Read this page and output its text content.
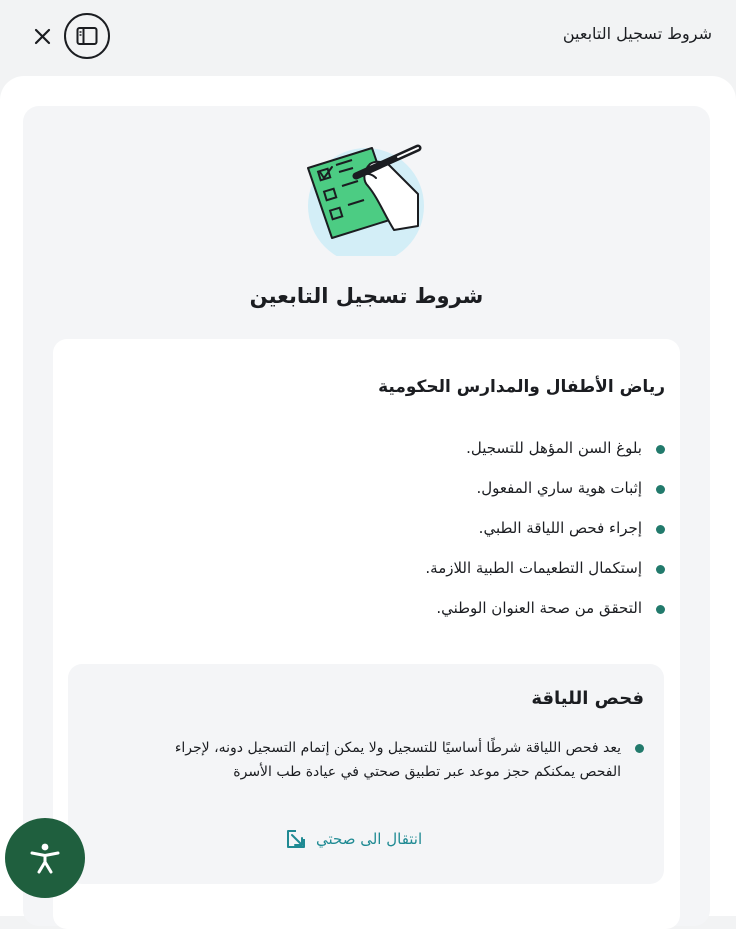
شروط تسجيل التابعين
شروط تسجيل التابعين
رياض الأطفال والمدارس الحكومية
بلوغ السن المؤهل للتسجيل.
إثبات هوية ساري المفعول.
إجراء فحص اللياقة الطبي.
إستكمال التطعيمات الطبية اللازمة.
التحقق من صحة العنوان الوطني.
فحص اللياقة
يعد فحص اللياقة شرطًا أساسيًا للتسجيل ولا يمكن إتمام التسجيل دونه، لإجراء
الفحص يمكنكم حجز موعد عبر تطبيق صحتي في عيادة طب الأسرة
انتقال الى صحتي
